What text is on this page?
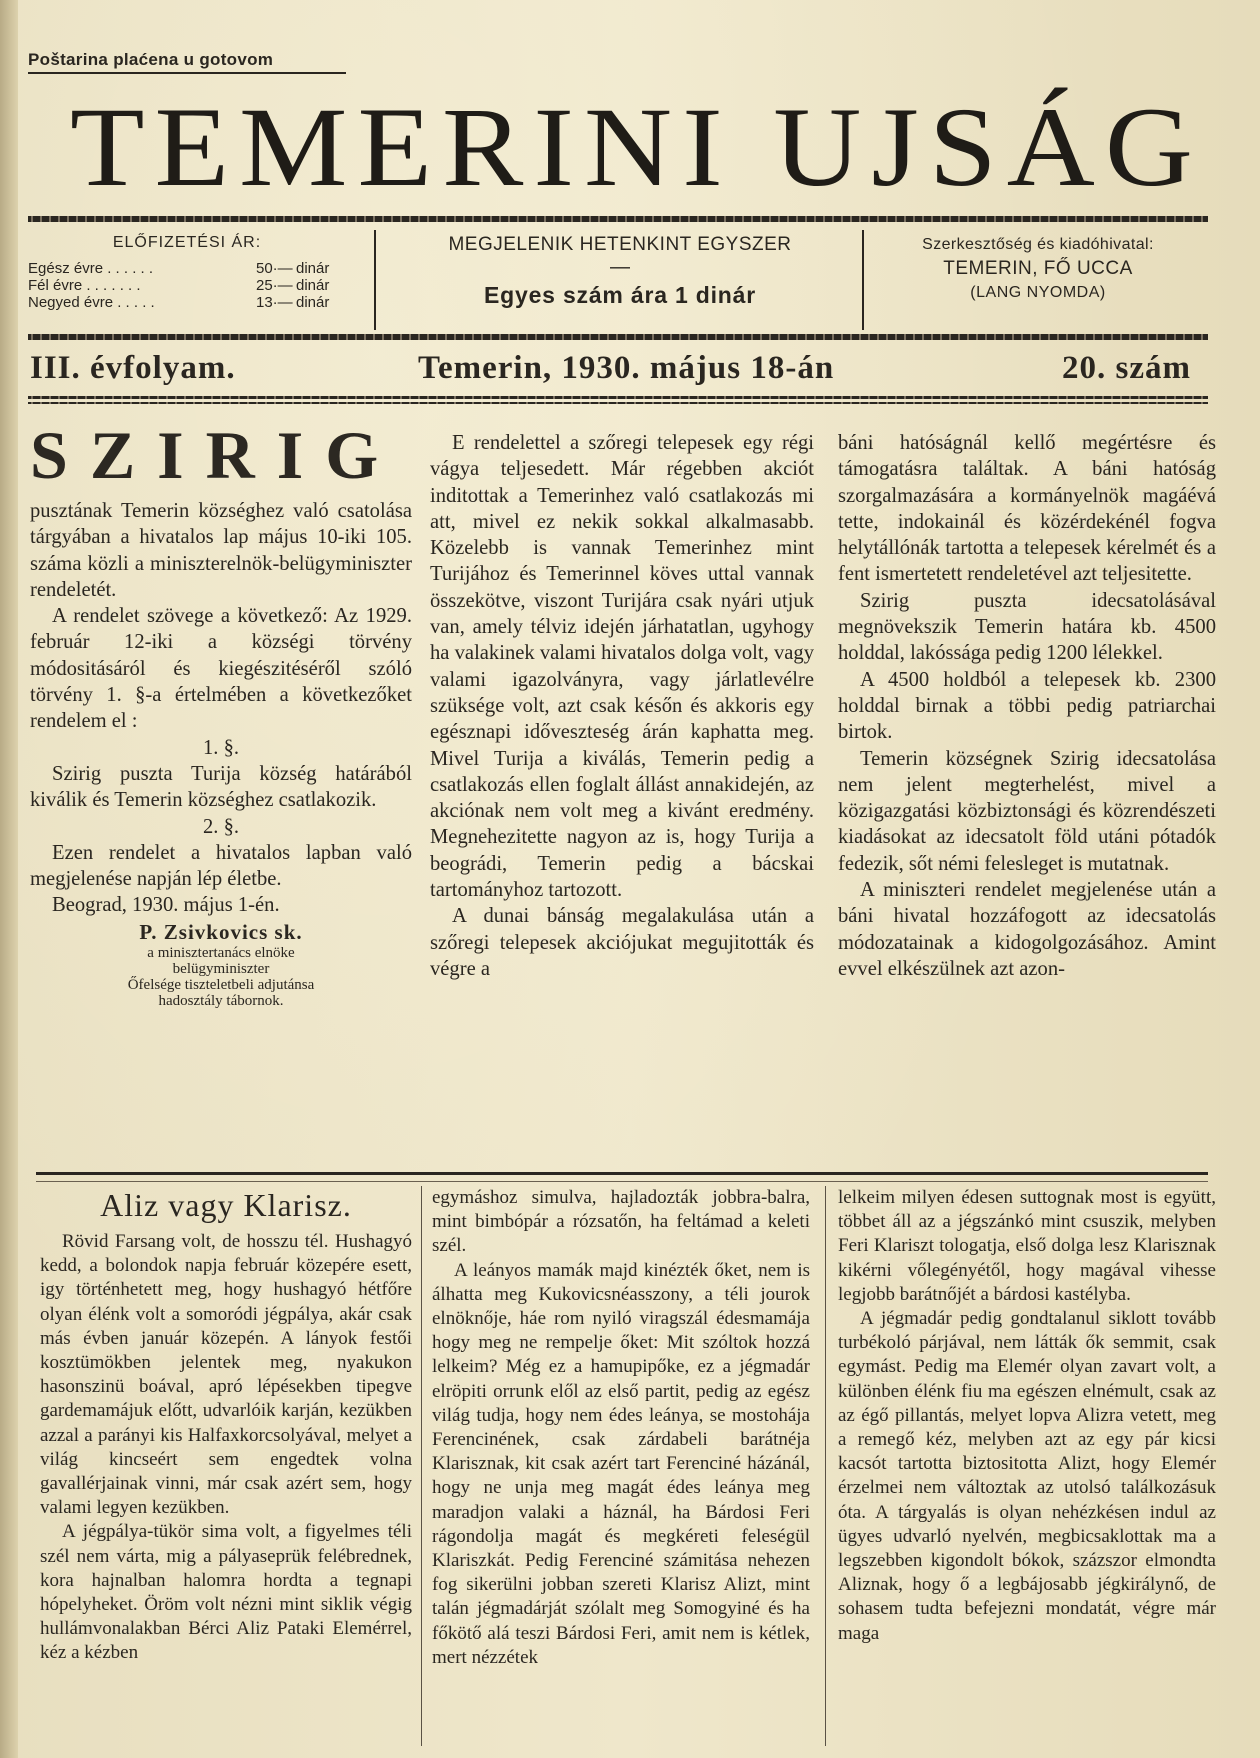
Poštarina plaćena u gotovom
TEMERINI UJSÁG
ELŐFIZETÉSI ÁR:
Egész évre . . . . . .	50·— dinár
Fél évre . . . . . . .	25·— dinár
Negyed évre . . . . .	13·— dinár
MEGJELENIK HETENKINT EGYSZER
—
Egyes szám ára 1 dinár
Szerkesztőség és kiadóhivatal:
TEMERIN, FŐ UCCA
(LANG NYOMDA)
III. évfolyam.	Temerin, 1930. május 18-án	20. szám
SZIRIG

pusztának Temerin községhez való csatolása tárgyában a hivatalos lap május 10-iki 105. száma közli a miniszterelnök-belügyminiszter rendeletét.

A rendelet szövege a következő: Az 1929. február 12-iki a községi törvény módositásáról és kiegészitéséről szóló törvény 1. §-a értelmében a következőket rendelem el :

1. §.

Szirig puszta Turija község határából kiválik és Temerin községhez csatlakozik.

2. §.

Ezen rendelet a hivatalos lapban való megjelenése napján lép életbe.

Beograd, 1930. május 1-én.

P. Zsivkovics sk.
a minisztertanács elnöke
belügyminiszter
Őfelsége tiszteletbeli adjutánsa
hadosztály tábornok.

E rendelettel a szőregi telepesek egy régi vágya teljesedett. Már régebben akciót inditottak a Temerinhez való csatlakozás mi att, mivel ez nekik sokkal alkalmasabb. Közelebb is vannak Temerinhez mint Turijához és Temerinnel köves uttal vannak összekötve, viszont Turijára csak nyári utjuk van, amely télviz idején járhatatlan, ugyhogy ha valakinek valami hivatalos dolga volt, vagy valami igazolványra, vagy járlatlevélre szüksége volt, azt csak későn és akkoris egy egésznapi időveszteség árán kaphatta meg. Mivel Turija a kiválás, Temerin pedig a csatlakozás ellen foglalt állást annakidején, az akciónak nem volt meg a kivánt eredmény. Megnehezitette nagyon az is, hogy Turija a beográdi, Temerin pedig a bácskai tartományhoz tartozott.

A dunai bánság megalakulása után a szőregi telepesek akciójukat megujitották és végre a

báni hatóságnál kellő megértésre és támogatásra találtak. A báni hatóság szorgalmazására a kormányelnök magáévá tette, indokainál és közérdekénél fogva helytállónák tartotta a telepesek kérelmét és a fent ismertetett rendeletével azt teljesitette.

Szirig puszta idecsatolásával megnövekszik Temerin határa kb. 4500 holddal, lakóssága pedig 1200 lélekkel.

A 4500 holdból a telepesek kb. 2300 holddal birnak a többi pedig patriarchai birtok.

Temerin községnek Szirig idecsatolása nem jelent megterhelést, mivel a közigazgatási közbiztonsági és közrendészeti kiadásokat az idecsatolt föld utáni pótadók fedezik, sőt némi felesleget is mutatnak.

A miniszteri rendelet megjelenése után a báni hivatal hozzáfogott az idecsatolás módozatainak a kidogolgozásához. Amint evvel elkészülnek azt azon-

Aliz vagy Klarisz.

Rövid Farsang volt, de hosszu tél. Hushagyó kedd, a bolondok napja február közepére esett, igy történhetett meg, hogy hushagyó hétfőre olyan élénk volt a somoródi jégpálya, akár csak más évben január közepén. A lányok festői kosztümökben jelentek meg, nyakukon hasonszinü boával, apró lépésekben tipegve gardemamájuk előtt, udvarlóik karján, kezükben azzal a parányi kis Halfaxkorcsolyával, melyet a világ kincseért sem engedtek volna gavallérjainak vinni, már csak azért sem, hogy valami legyen kezükben.

A jégpálya-tükör sima volt, a figyelmes téli szél nem várta, mig a pályaseprük felébrednek, kora hajnalban halomra hordta a tegnapi hópelyheket. Öröm volt nézni mint siklik végig hullámvonalakban Bérci Aliz Pataki Elemérrel, kéz a kézben

egymáshoz simulva, hajladozták jobbra-balra, mint bimbópár a rózsatőn, ha feltámad a keleti szél.

A leányos mamák majd kinézték őket, nem is álhatta meg Kukovicsnéasszony, a téli jourok elnöknője, háe rom nyiló viragszál édesmamája hogy meg ne rempelje őket: Mit szóltok hozzá lelkeim? Még ez a hamupipőke, ez a jégmadár elröpiti orrunk elől az első partit, pedig az egész világ tudja, hogy nem édes leánya, se mostohája Ferencinének, csak zárdabeli barátnéja Klarisznak, kit csak azért tart Ferenciné házánál, hogy ne unja meg magát édes leánya meg maradjon valaki a háznál, ha Bárdosi Feri rágondolja magát és megkéreti feleségül Klariszkát. Pedig Ferenciné számitása nehezen fog sikerülni jobban szereti Klarisz Alizt, mint talán jégmadárját szólalt meg Somogyiné és ha főkötő alá teszi Bárdosi Feri, amit nem is kétlek, mert nézzétek

lelkeim milyen édesen suttognak most is együtt, többet áll az a jégszánkó mint csuszik, melyben Feri Klariszt tologatja, első dolga lesz Klarisznak kikérni vőlegényétől, hogy magával vihesse legjobb barátnőjét a bárdosi kastélyba.

A jégmadár pedig gondtalanul siklott tovább turbékoló párjával, nem látták ők semmit, csak egymást. Pedig ma Elemér olyan zavart volt, a különben élénk fiu ma egészen elnémult, csak az az égő pillantás, melyet lopva Alizra vetett, meg a remegő kéz, melyben azt az egy pár kicsi kacsót tartotta biztositotta Alizt, hogy Elemér érzelmei nem változtak az utolsó találkozásuk óta. A tárgyalás is olyan nehézkésen indul az ügyes udvarló nyelvén, megbicsaklottak ma a legszebben kigondolt bókok, százszor elmondta Aliznak, hogy ő a legbájosabb jégkirálynő, de sohasem tudta befejezni mondatát, végre már maga
